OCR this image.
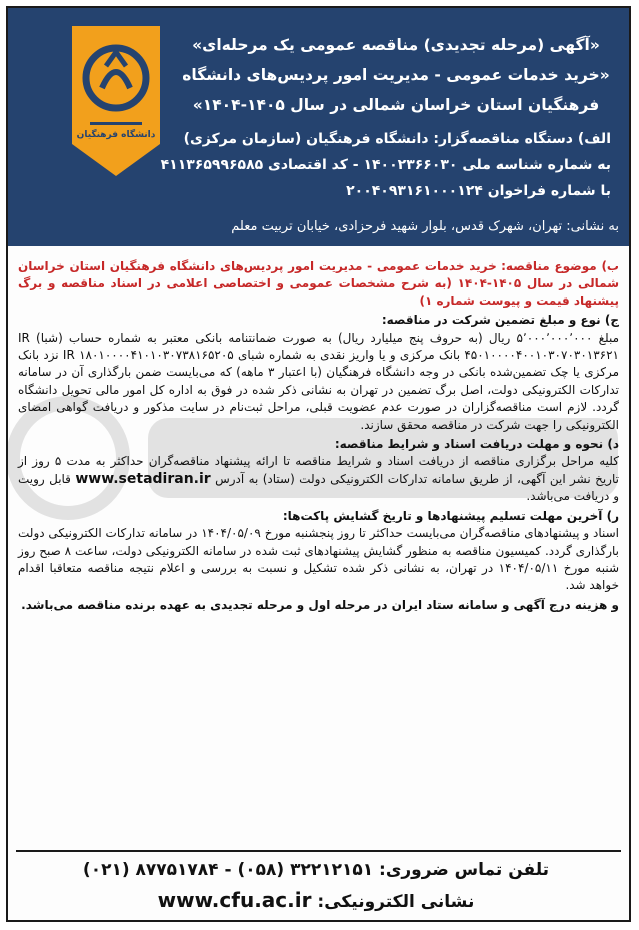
دانشگاه فرهنگیان
«آگهی (مرحله تجدیدی) مناقصه عمومی یک مرحله‌ای»
«خرید خدمات عمومی - مدیریت امور پردیس‌های دانشگاه
فرهنگیان استان خراسان شمالی در سال ۱۴۰۵-۱۴۰۴»
الف) دستگاه مناقصه‌گزار: دانشگاه فرهنگیان (سازمان مرکزی)
به شماره شناسه ملی ۱۴۰۰۲۳۶۶۰۳۰ - کد اقتصادی ۴۱۱۳۶۵۹۹۶۵۸۵
با شماره فراخوان ۲۰۰۴۰۹۳۱۶۱۰۰۰۱۲۴
به نشانی: تهران، شهرک قدس، بلوار شهید فرحزادی، خیابان تربیت معلم

ب) موضوع مناقصه: خرید خدمات عمومی - مدیریت امور پردیس‌های دانشگاه فرهنگیان استان خراسان شمالی در سال ۱۴۰۵-۱۴۰۴ (به شرح مشخصات عمومی و اختصاصی اعلامی در اسناد مناقصه و برگ پیشنهاد قیمت و پیوست شماره ۱)

ج) نوع و مبلغ تضمین شرکت در مناقصه:
مبلغ ۵٬۰۰۰٬۰۰۰٬۰۰۰ ریال (به حروف پنج میلیارد ریال) به صورت ضمانتنامه بانکی معتبر به شماره حساب (شبا) IR ۴۵۰۱۰۰۰۰۴۰۰۱۰۳۰۷۰۳۰۱۳۶۲۱ بانک مرکزی و یا واریز نقدی به شماره شبای IR ۱۸۰۱۰۰۰۰۴۱۰۱۰۳۰۷۳۸۱۶۵۲۰۵ نزد بانک مرکزی یا چک تضمین‌شده بانکی در وجه دانشگاه فرهنگیان (با اعتبار ۳ ماهه) که می‌بایست ضمن بارگذاری آن در سامانه تدارکات الکترونیکی دولت، اصل برگ تضمین در تهران به نشانی ذکر شده در فوق به اداره کل امور مالی تحویل دانشگاه گردد. لازم است مناقصه‌گزاران در صورت عدم عضویت قبلی، مراحل ثبت‌نام در سایت مذکور و دریافت گواهی امضای الکترونیکی را جهت شرکت در مناقصه محقق سازند.

د) نحوه و مهلت دریافت اسناد و شرایط مناقصه:
کلیه مراحل برگزاری مناقصه از دریافت اسناد و شرایط مناقصه تا ارائه پیشنهاد مناقصه‌گران حداکثر به مدت ۵ روز از تاریخ نشر این آگهی، از طریق سامانه تدارکات الکترونیکی دولت (ستاد) به آدرس www.setadiran.ir قابل رویت و دریافت می‌باشد.

ر) آخرین مهلت تسلیم پیشنهادها و تاریخ گشایش پاکت‌ها:
اسناد و پیشنهادهای مناقصه‌گران می‌بایست حداکثر تا روز پنجشنبه مورخ ۱۴۰۴/۰۵/۰۹ در سامانه تدارکات الکترونیکی دولت بارگذاری گردد. کمیسیون مناقصه به منظور گشایش پیشنهادهای ثبت شده در سامانه الکترونیکی دولت، ساعت ۸ صبح روز شنبه مورخ ۱۴۰۴/۰۵/۱۱ در تهران، به نشانی ذکر شده تشکیل و نسبت به بررسی و اعلام نتیجه مناقصه متعاقبا اقدام خواهد شد.

و هزینه درج آگهی و سامانه ستاد ایران در مرحله اول و مرحله تجدیدی به عهده برنده مناقصه می‌باشد.

تلفن تماس ضروری: ۳۲۲۱۲۱۵۱ (۰۵۸) - ۸۷۷۵۱۷۸۴ (۰۲۱)
نشانی الکترونیکی: www.cfu.ac.ir
